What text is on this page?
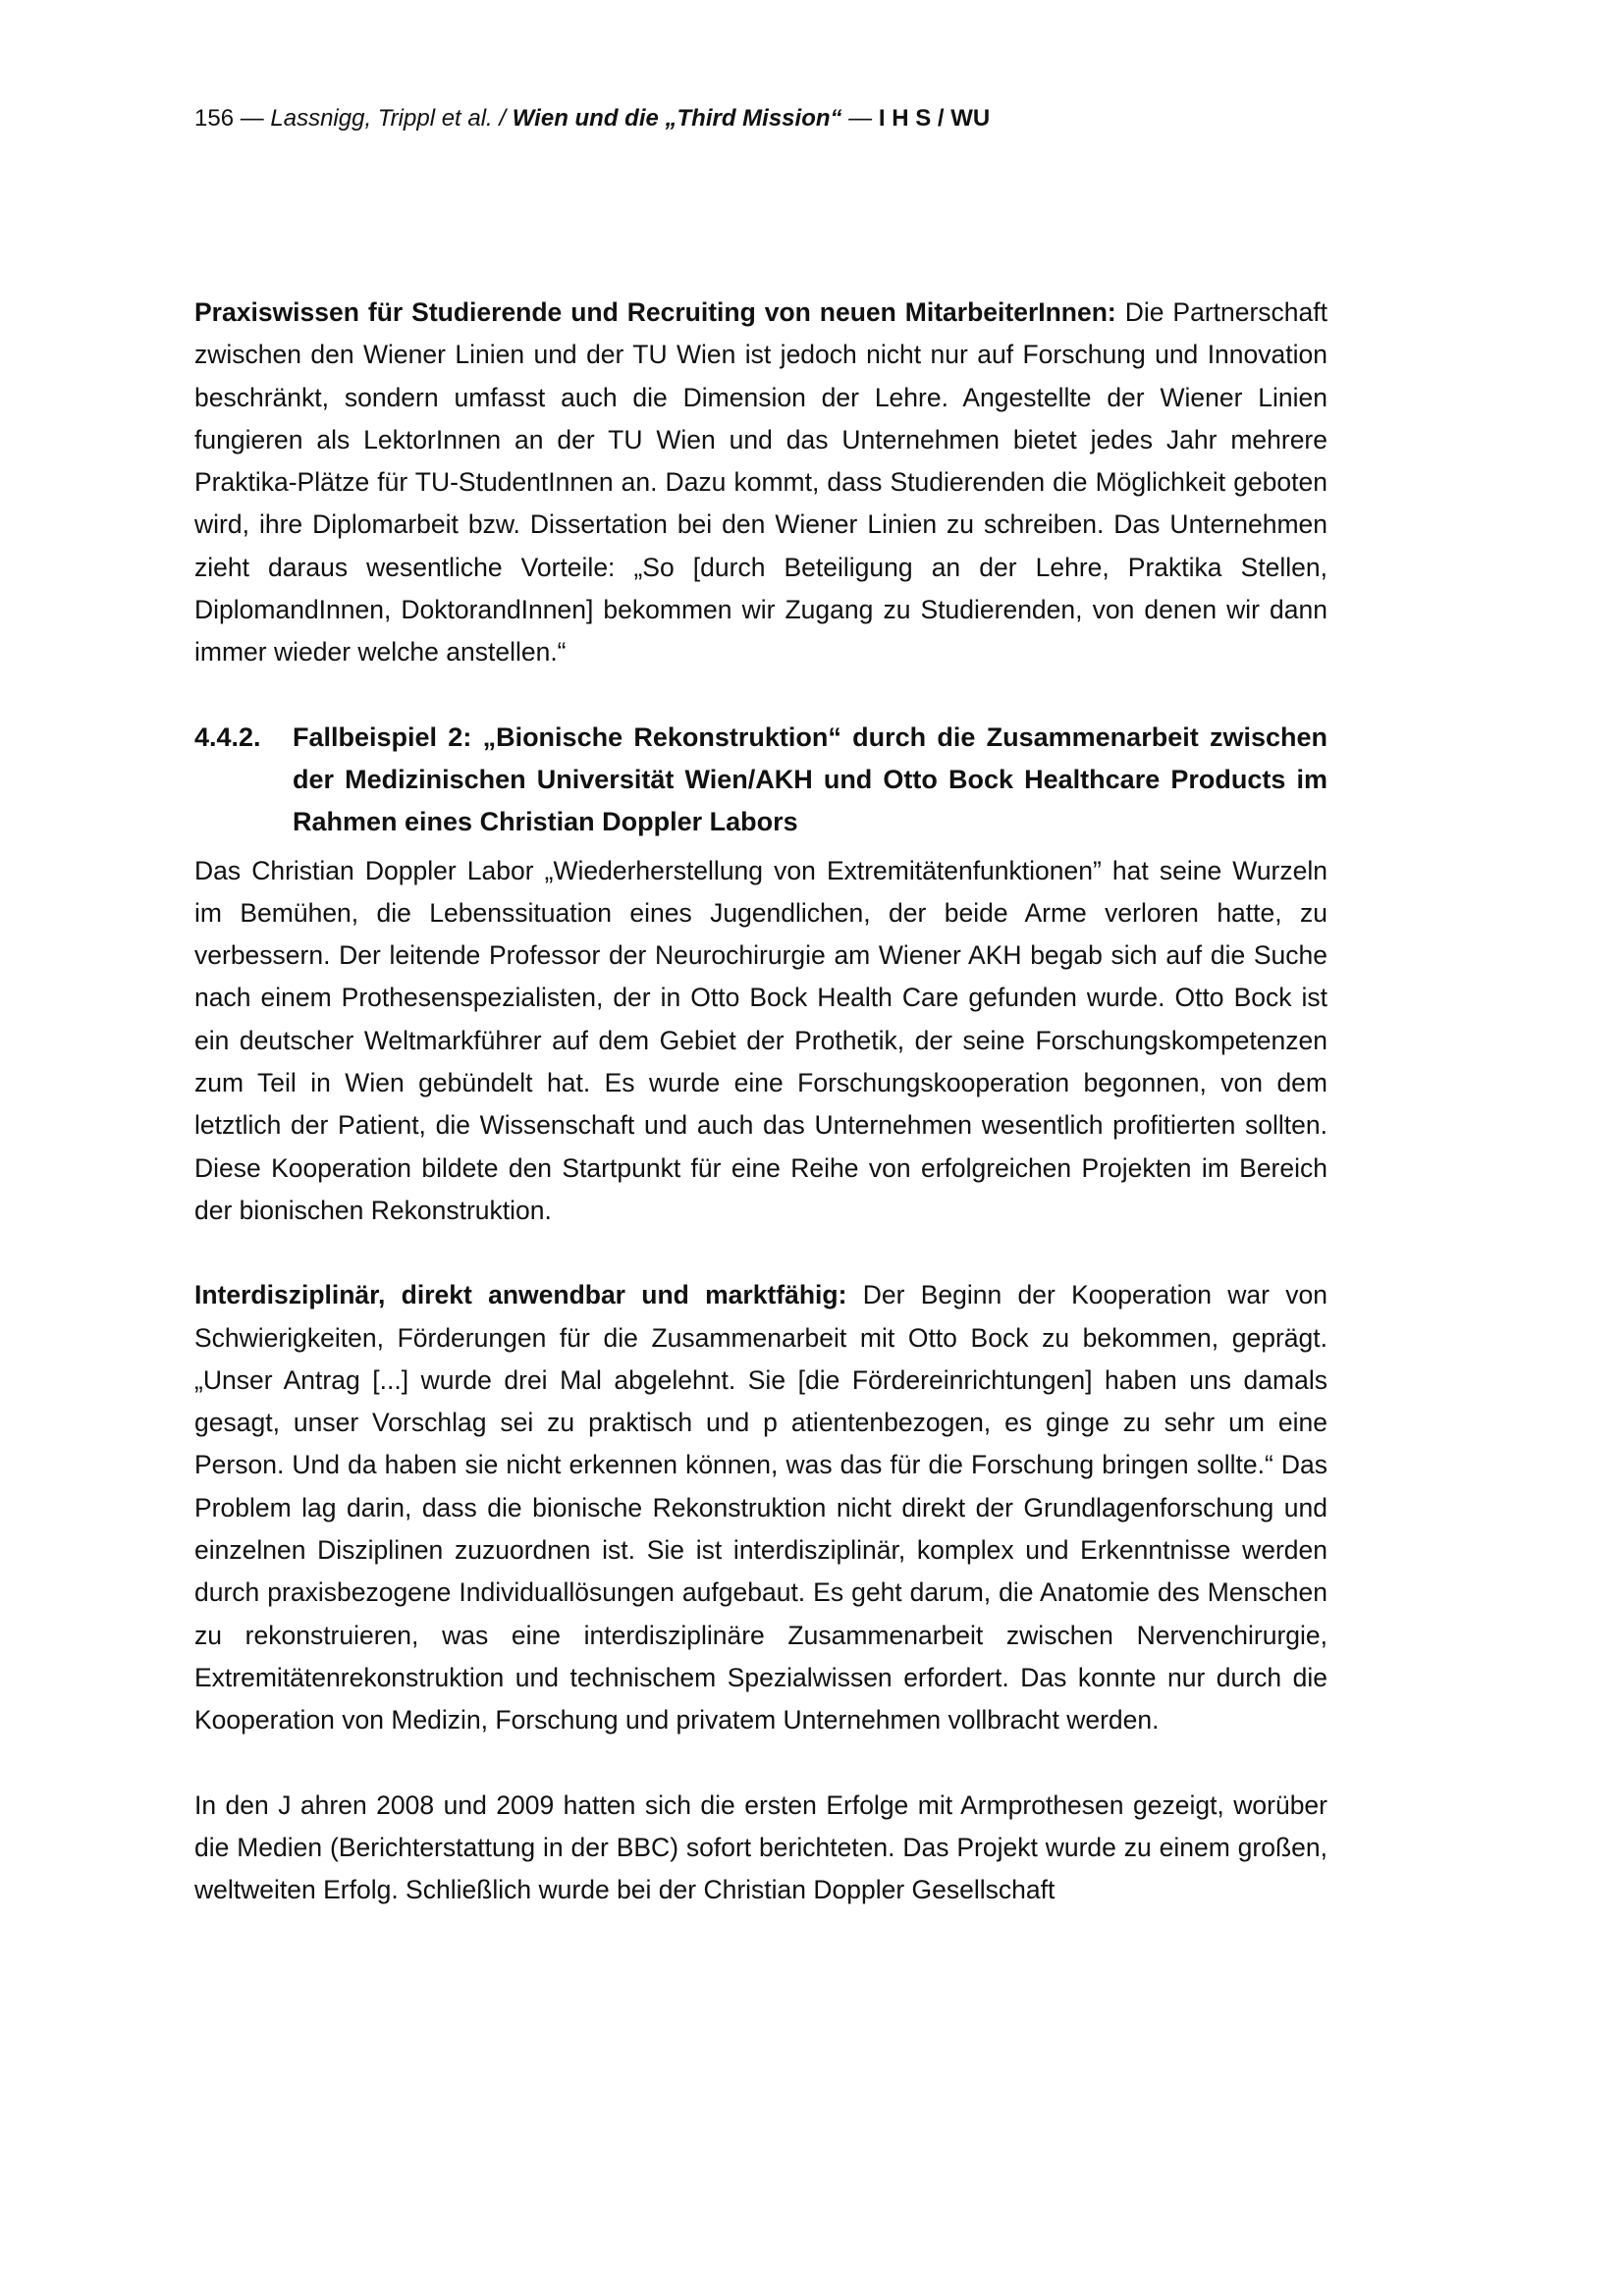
156 — Lassnigg, Trippl et al. / Wien und die „Third Mission“ — I H S / WU

Praxiswissen für Studierende und Recruiting von neuen MitarbeiterInnen: Die Partnerschaft zwischen den Wiener Linien und der TU Wien ist jedoch nicht nur auf Forschung und Innovation beschränkt, sondern umfasst auch die Dimension der Lehre. Angestellte der Wiener Linien fungieren als LektorInnen an der TU Wien und das Unternehmen bietet jedes Jahr mehrere Praktika-Plätze für TU-StudentInnen an. Dazu kommt, dass Studierenden die Möglichkeit geboten wird, ihre Diplomarbeit bzw. Dissertation bei den Wiener Linien zu schreiben. Das Unternehmen zieht daraus wesentliche Vorteile: „So [durch Beteiligung an der Lehre, Praktika Stellen, DiplomandInnen, DoktorandInnen] bekommen wir Zugang zu Studierenden, von denen wir dann immer wieder welche anstellen.“

4.4.2.	Fallbeispiel 2: „Bionische Rekonstruktion“ durch die Zusammenarbeit zwischen der Medizinischen Universität Wien/AKH und Otto Bock Healthcare Products im Rahmen eines Christian Doppler Labors

Das Christian Doppler Labor „Wiederherstellung von Extremitätenfunktionen” hat seine Wurzeln im Bemühen, die Lebenssituation eines Jugendlichen, der beide Arme verloren hatte, zu verbessern. Der leitende Professor der Neurochirurgie am Wiener AKH begab sich auf die Suche nach einem Prothesenspezialisten, der in Otto Bock Health Care gefunden wurde. Otto Bock ist ein deutscher Weltmarkführer auf dem Gebiet der Prothetik, der seine Forschungskompetenzen zum Teil in Wien gebündelt hat. Es wurde eine Forschungskooperation begonnen, von dem letztlich der Patient, die Wissenschaft und auch das Unternehmen wesentlich profitierten sollten. Diese Kooperation bildete den Startpunkt für eine Reihe von erfolgreichen Projekten im Bereich der bionischen Rekonstruktion.

Interdisziplinär, direkt anwendbar und marktfähig: Der Beginn der Kooperation war von Schwierigkeiten, Förderungen für die Zusammenarbeit mit Otto Bock zu bekommen, geprägt. „Unser Antrag [...] wurde drei Mal abgelehnt. Sie [die Fördereinrichtungen] haben uns damals gesagt, unser Vorschlag sei zu praktisch und p atientenbezogen, es ginge zu sehr um eine Person. Und da haben sie nicht erkennen können, was das für die Forschung bringen sollte.“ Das Problem lag darin, dass die bionische Rekonstruktion nicht direkt der Grundlagenforschung und einzelnen Disziplinen zuzuordnen ist. Sie ist interdisziplinär, komplex und Erkenntnisse werden durch praxisbezogene Individuallösungen aufgebaut. Es geht darum, die Anatomie des Menschen zu rekonstruieren, was eine interdisziplinäre Zusammenarbeit zwischen Nervenchirurgie, Extremitätenrekonstruktion und technischem Spezialwissen erfordert. Das konnte nur durch die Kooperation von Medizin, Forschung und privatem Unternehmen vollbracht werden.

In den J ahren 2008 und 2009 hatten sich die ersten Erfolge mit Armprothesen gezeigt, worüber die Medien (Berichterstattung in der BBC) sofort berichteten. Das Projekt wurde zu einem großen, weltweiten Erfolg. Schließlich wurde bei der Christian Doppler Gesellschaft
